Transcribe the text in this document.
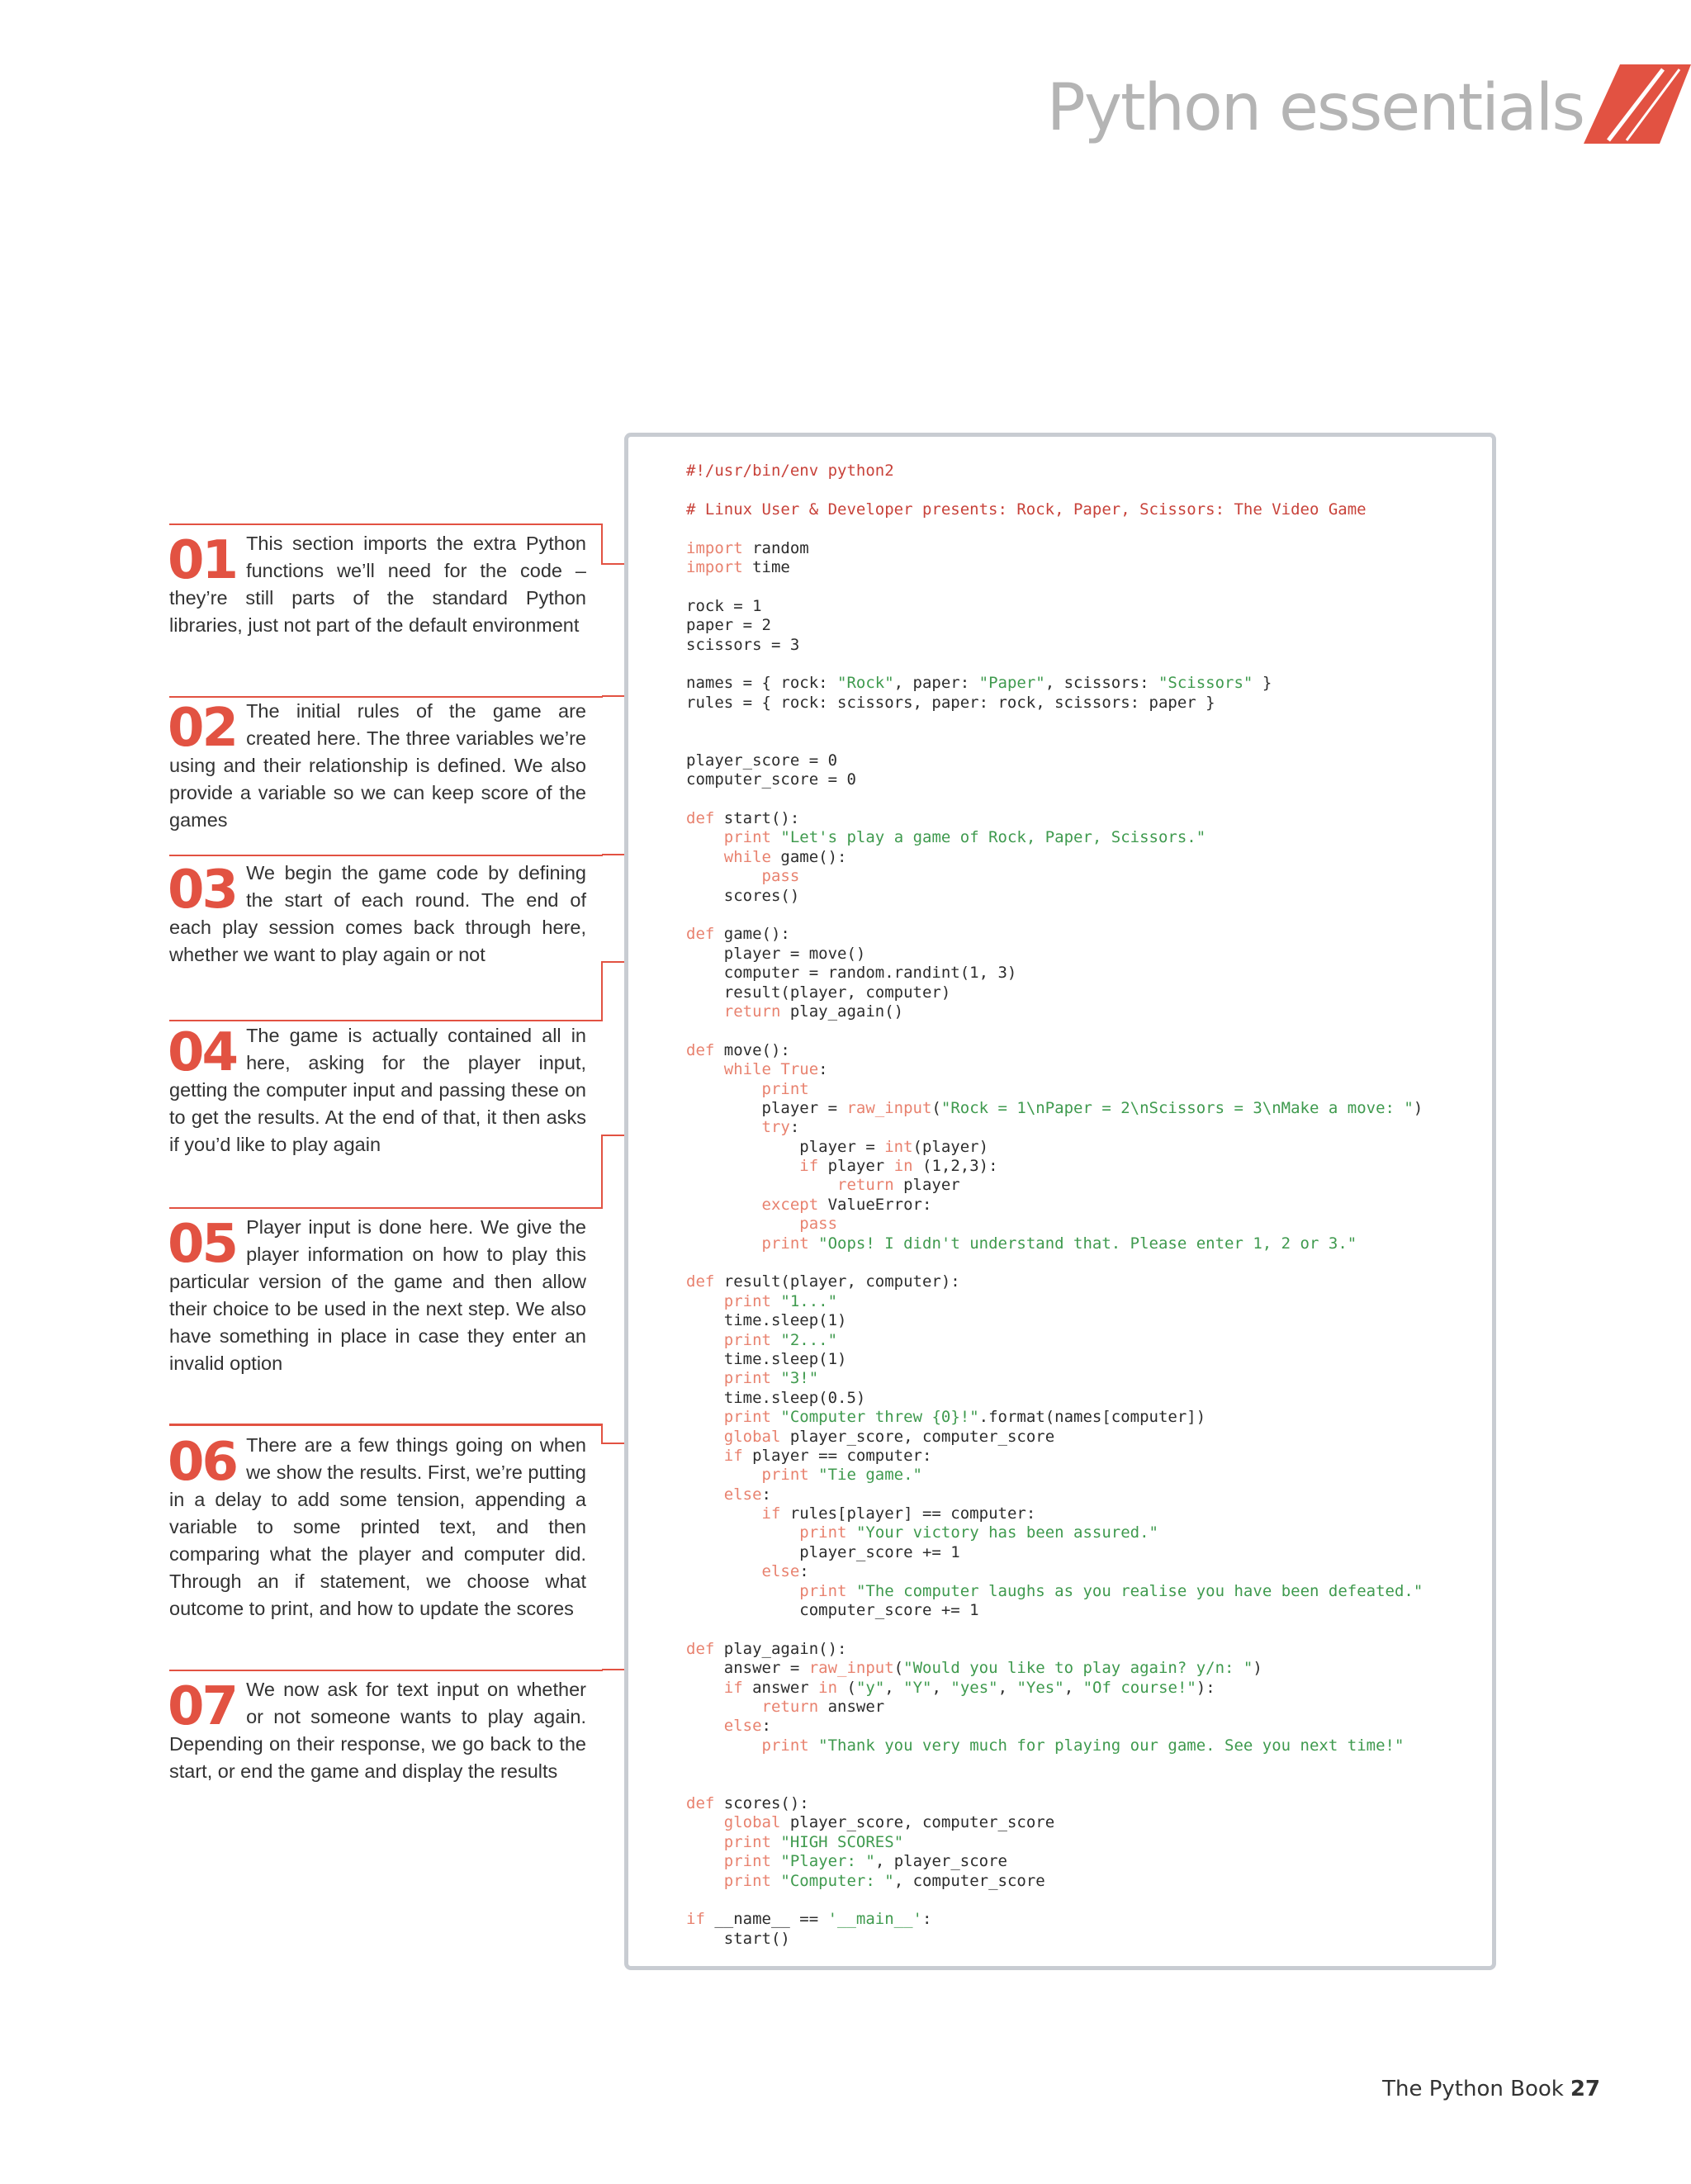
Python essentials
01 This section imports the extra Python functions we’ll need for the code – they’re still parts of the standard Python libraries, just not part of the default environment
02 The initial rules of the game are created here. The three variables we’re using and their relationship is defined. We also provide a variable so we can keep score of the games
03 We begin the game code by defining the start of each round. The end of each play session comes back through here, whether we want to play again or not
04 The game is actually contained all in here, asking for the player input, getting the computer input and passing these on to get the results. At the end of that, it then asks if you’d like to play again
05 Player input is done here. We give the player information on how to play this particular version of the game and then allow their choice to be used in the next step. We also have something in place in case they enter an invalid option
06 There are a few things going on when we show the results. First, we’re putting in a delay to add some tension, appending a variable to some printed text, and then comparing what the player and computer did. Through an if statement, we choose what outcome to print, and how to update the scores
07 We now ask for text input on whether or not someone wants to play again. Depending on their response, we go back to the start, or end the game and display the results
#!/usr/bin/env python2

# Linux User & Developer presents: Rock, Paper, Scissors: The Video Game

import random
import time

rock = 1
paper = 2
scissors = 3

names = { rock: "Rock", paper: "Paper", scissors: "Scissors" }
rules = { rock: scissors, paper: rock, scissors: paper }

player_score = 0
computer_score = 0

def start():
print "Let's play a game of Rock, Paper, Scissors."
while game():
pass
scores()

def game():
player = move()
computer = random.randint(1, 3)
result(player, computer)
return play_again()

def move():
while True:
print
player = raw_input("Rock = 1\nPaper = 2\nScissors = 3\nMake a move: ")
try:
player = int(player)
if player in (1,2,3):
return player
except ValueError:
pass
print "Oops! I didn't understand that. Please enter 1, 2 or 3."

def result(player, computer):
print "1..."
time.sleep(1)
print "2..."
time.sleep(1)
print "3!"
time.sleep(0.5)
print "Computer threw {0}!".format(names[computer])
global player_score, computer_score
if player == computer:
print "Tie game."
else:
if rules[player] == computer:
print "Your victory has been assured."
player_score += 1
else:
print "The computer laughs as you realise you have been defeated."
computer_score += 1

def play_again():
answer = raw_input("Would you like to play again? y/n: ")
if answer in ("y", "Y", "yes", "Yes", "Of course!"):
return answer
else:
print "Thank you very much for playing our game. See you next time!"

def scores():
global player_score, computer_score
print "HIGH SCORES"
print "Player: ", player_score
print "Computer: ", computer_score

if __name__ == '__main__':
start()
The Python Book 27
